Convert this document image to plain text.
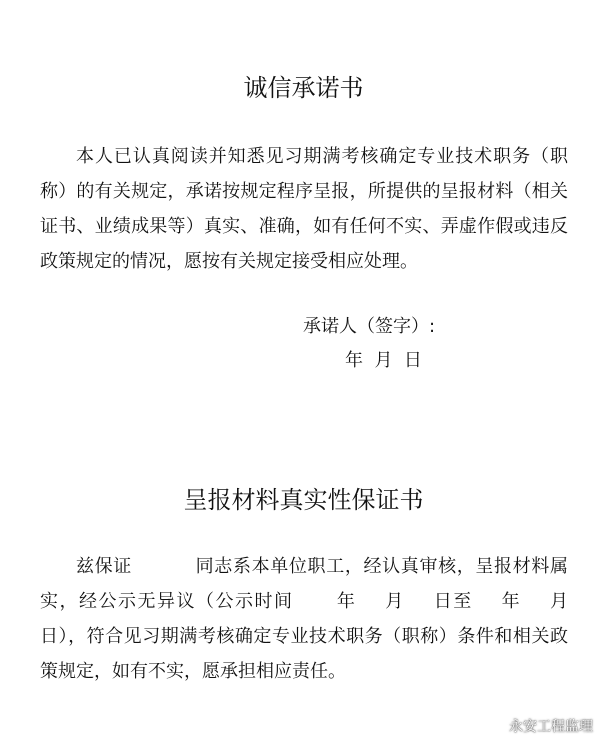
诚信承诺书

本人已认真阅读并知悉见习期满考核确定专业技术职务（职称）的有关规定，承诺按规定程序呈报，所提供的呈报材料（相关证书、业绩成果等）真实、准确，如有任何不实、弄虚作假或违反政策规定的情况，愿按有关规定接受相应处理。

承诺人（签字）:
年  月  日
呈报材料真实性保证书

兹保证          同志系本单位职工，经认真审核，呈报材料属实，经公示无异议（公示时间      年    月    日至    年    月    日），符合见习期满考核确定专业技术职务（职称）条件和相关政策规定，如有不实，愿承担相应责任。

永安工程监理
